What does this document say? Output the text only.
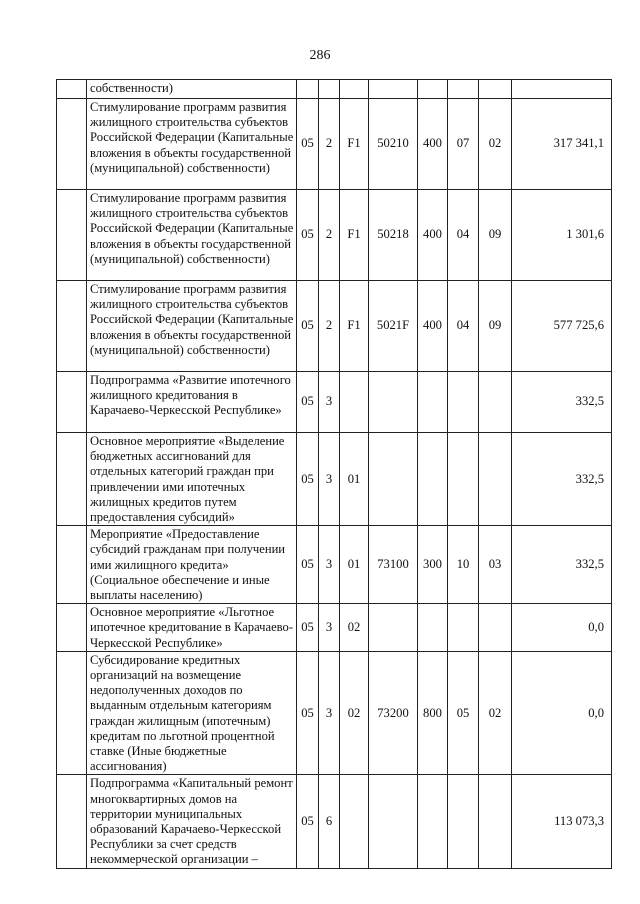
286
	собственности)								
	Стимулирование программ развития жилищного строительства субъектов Российской Федерации (Капитальные вложения в объекты государственной (муниципальной) собственности)	05	2	F1	50210	400	07	02	317 341,1
	Стимулирование программ развития жилищного строительства субъектов Российской Федерации (Капитальные вложения в объекты государственной (муниципальной) собственности)	05	2	F1	50218	400	04	09	1 301,6
	Стимулирование программ развития жилищного строительства субъектов Российской Федерации (Капитальные вложения в объекты государственной (муниципальной) собственности)	05	2	F1	5021F	400	04	09	577 725,6
	Подпрограмма «Развитие ипотечного жилищного кредитования в Карачаево-Черкесской Республике»	05	3						332,5
	Основное мероприятие «Выделение бюджетных ассигнований для отдельных категорий граждан при привлечении ими ипотечных жилищных кредитов путем предоставления субсидий»	05	3	01					332,5
	Мероприятие «Предоставление субсидий гражданам при получении ими жилищного кредита» (Социальное обеспечение и иные выплаты населению)	05	3	01	73100	300	10	03	332,5
	Основное мероприятие «Льготное ипотечное кредитование в Карачаево-Черкесской Республике»	05	3	02					0,0
	Субсидирование кредитных организаций на возмещение недополученных доходов по выданным отдельным категориям граждан жилищным (ипотечным) кредитам по льготной процентной ставке (Иные бюджетные ассигнования)	05	3	02	73200	800	05	02	0,0
	Подпрограмма «Капитальный ремонт многоквартирных домов на территории муниципальных образований Карачаево-Черкесской Республики за счет средств некоммерческой организации –	05	6						113 073,3
